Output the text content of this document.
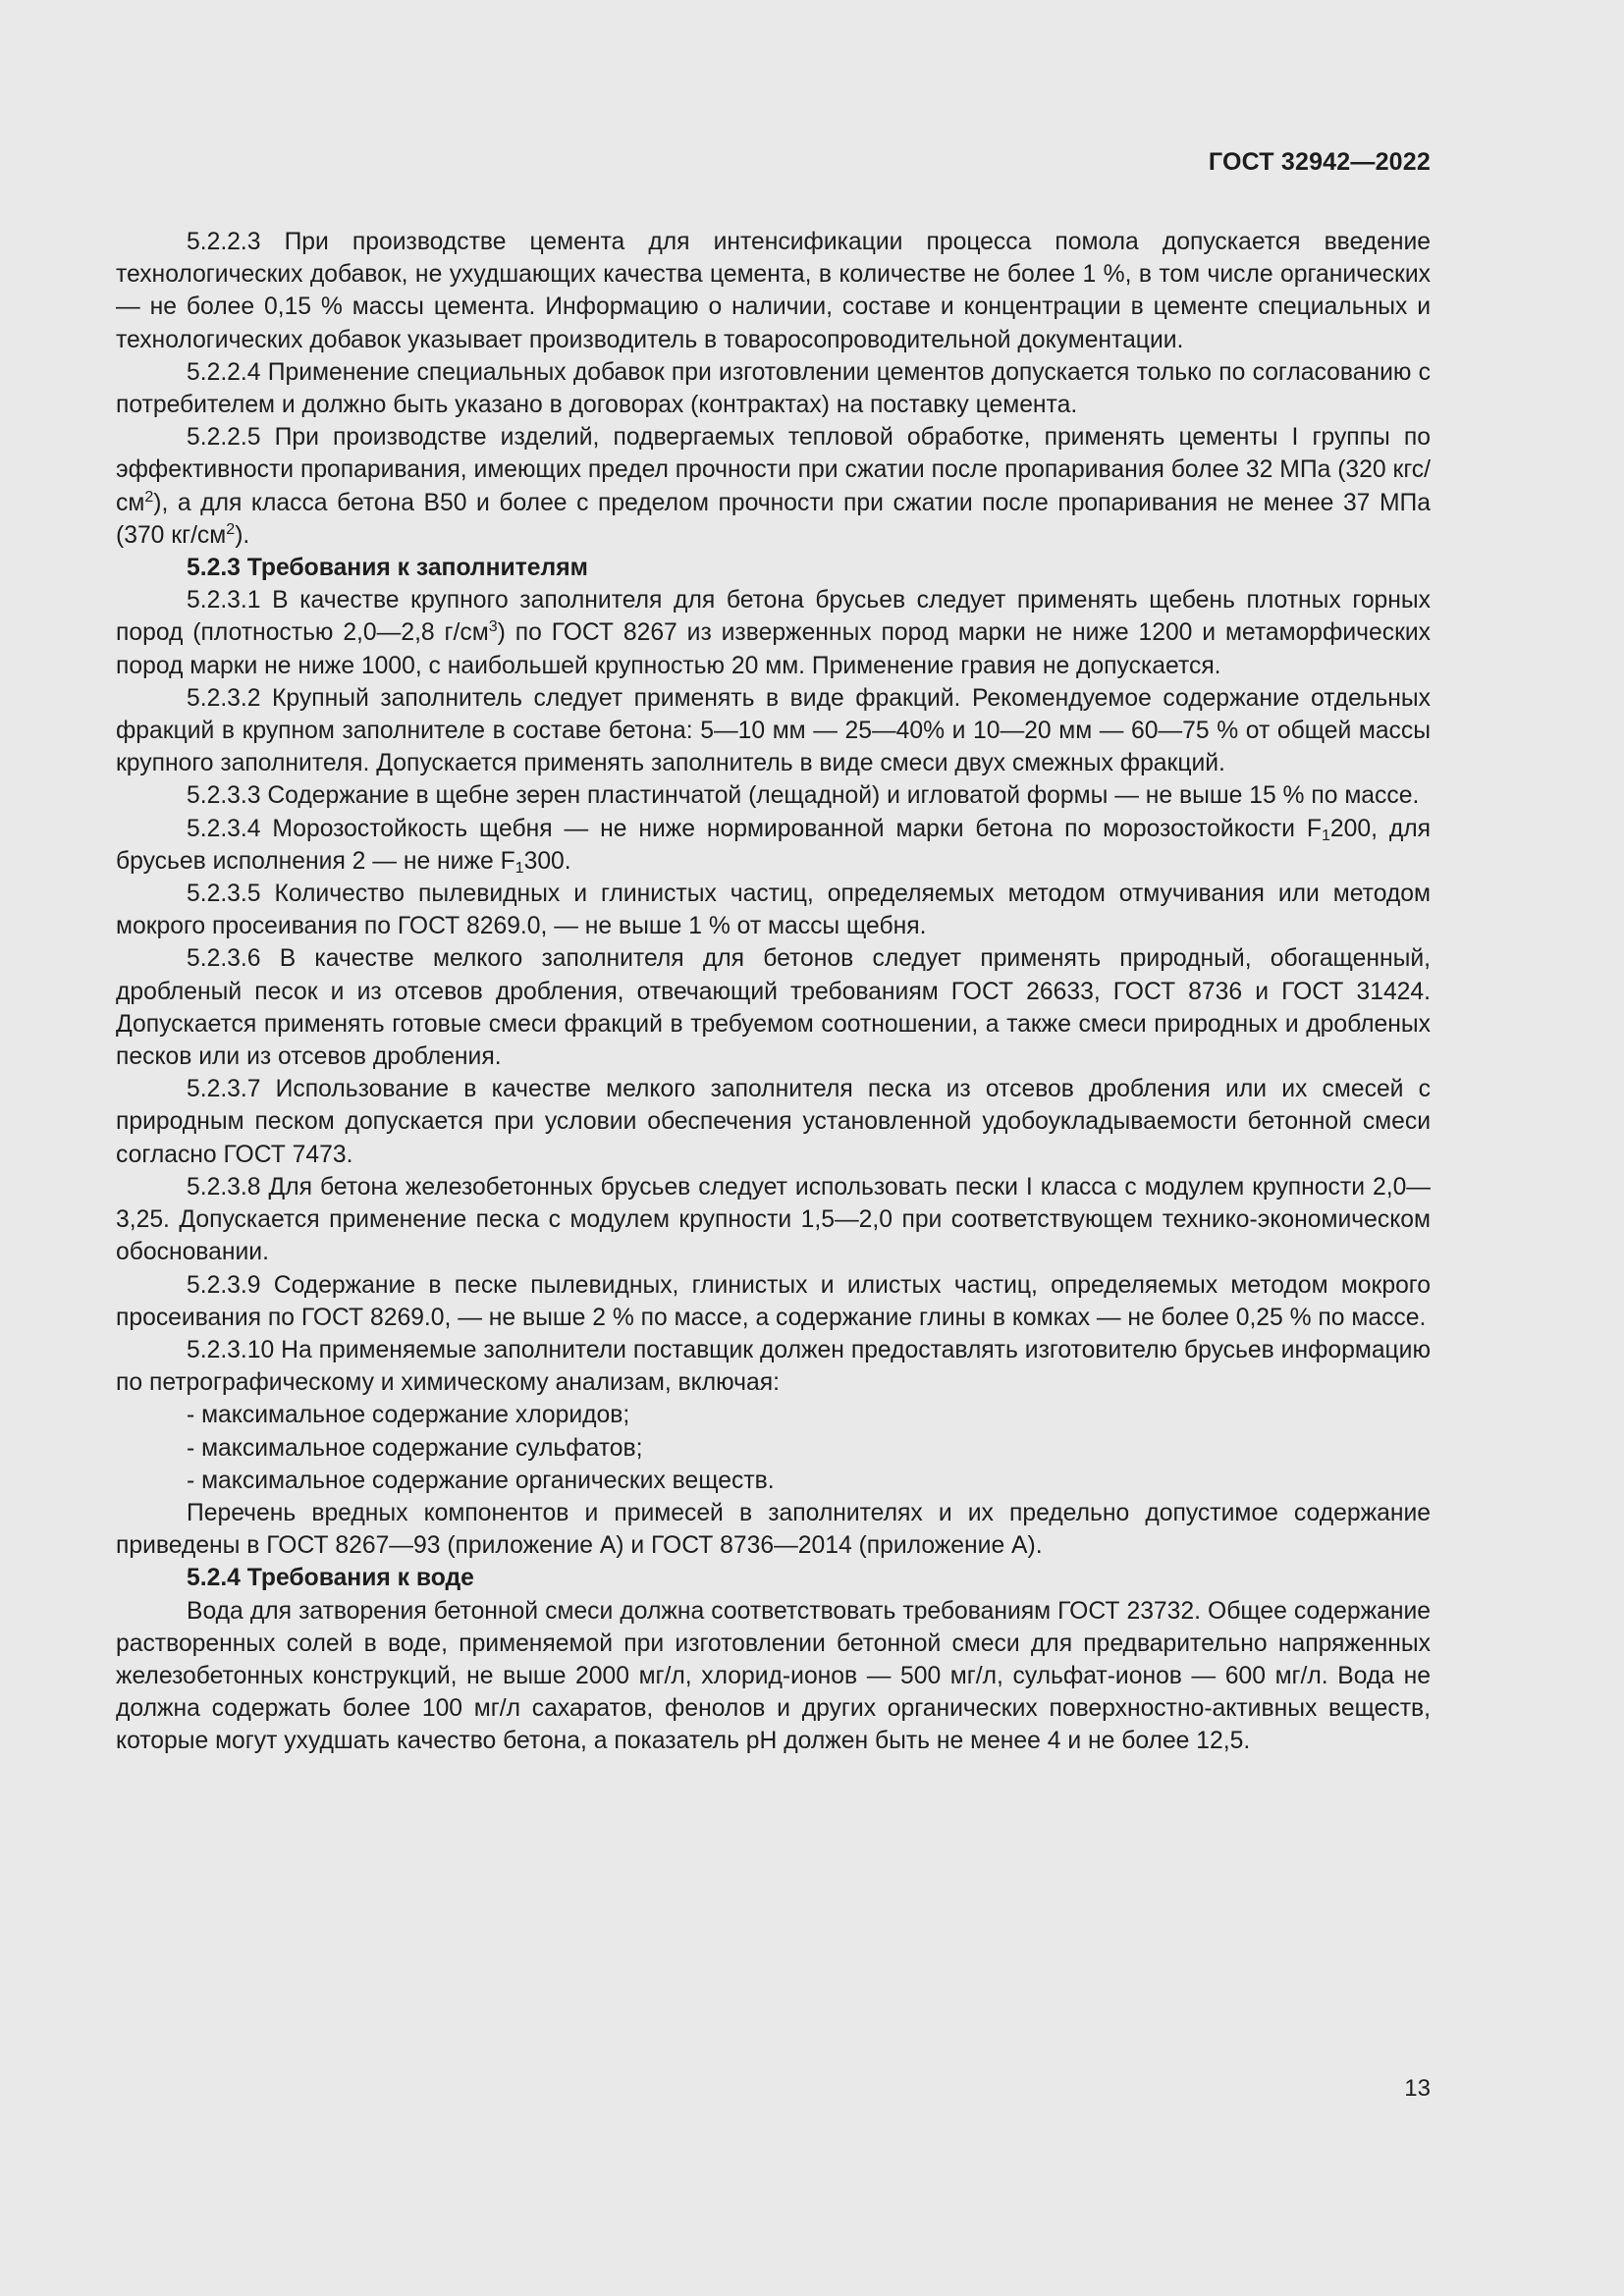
ГОСТ 32942—2022

5.2.2.3 При производстве цемента для интенсификации процесса помола допускается введение технологических добавок, не ухудшающих качества цемента, в количестве не более 1 %, в том числе органических — не более 0,15 % массы цемента. Информацию о наличии, составе и концентрации в цементе специальных и технологических добавок указывает производитель в товаросопроводительной документации.

5.2.2.4 Применение специальных добавок при изготовлении цементов допускается только по согласованию с потребителем и должно быть указано в договорах (контрактах) на поставку цемента.

5.2.2.5 При производстве изделий, подвергаемых тепловой обработке, применять цементы I группы по эффективности пропаривания, имеющих предел прочности при сжатии после пропаривания более 32 МПа (320 кгс/$см^2$), а для класса бетона В50 и более с пределом прочности при сжатии после пропаривания не менее 37 МПа (370 $кг/см^2$).

5.2.3 Требования к заполнителям

5.2.3.1 В качестве крупного заполнителя для бетона брусьев следует применять щебень плотных горных пород (плотностью 2,0—2,8 $г/см^3$) по ГОСТ 8267 из изверженных пород марки не ниже 1200 и метаморфических пород марки не ниже 1000, с наибольшей крупностью 20 мм. Применение гравия не допускается.

5.2.3.2 Крупный заполнитель следует применять в виде фракций. Рекомендуемое содержание отдельных фракций в крупном заполнителе в составе бетона: 5—10 мм — 25—40% и 10—20 мм — 60—75 % от общей массы крупного заполнителя. Допускается применять заполнитель в виде смеси двух смежных фракций.

5.2.3.3 Содержание в щебне зерен пластинчатой (лещадной) и игловатой формы — не выше 15 % по массе.

5.2.3.4 Морозостойкость щебня — не ниже нормированной марки бетона по морозостойкости $F_1200$, для брусьев исполнения 2 — не ниже $F_1300$.

5.2.3.5 Количество пылевидных и глинистых частиц, определяемых методом отмучивания или методом мокрого просеивания по ГОСТ 8269.0, — не выше 1 % от массы щебня.

5.2.3.6 В качестве мелкого заполнителя для бетонов следует применять природный, обогащенный, дробленый песок и из отсевов дробления, отвечающий требованиям ГОСТ 26633, ГОСТ 8736 и ГОСТ 31424. Допускается применять готовые смеси фракций в требуемом соотношении, а также смеси природных и дробленых песков или из отсевов дробления.

5.2.3.7 Использование в качестве мелкого заполнителя песка из отсевов дробления или их смесей с природным песком допускается при условии обеспечения установленной удобоукладываемости бетонной смеси согласно ГОСТ 7473.

5.2.3.8 Для бетона железобетонных брусьев следует использовать пески I класса с модулем крупности 2,0—3,25. Допускается применение песка с модулем крупности 1,5—2,0 при соответствующем технико-экономическом обосновании.

5.2.3.9 Содержание в песке пылевидных, глинистых и илистых частиц, определяемых методом мокрого просеивания по ГОСТ 8269.0, — не выше 2 % по массе, а содержание глины в комках — не более 0,25 % по массе.

5.2.3.10 На применяемые заполнители поставщик должен предоставлять изготовителю брусьев информацию по петрографическому и химическому анализам, включая:

- максимальное содержание хлоридов;

- максимальное содержание сульфатов;

- максимальное содержание органических веществ.

Перечень вредных компонентов и примесей в заполнителях и их предельно допустимое содержание приведены в ГОСТ 8267—93 (приложение А) и ГОСТ 8736—2014 (приложение А).

5.2.4 Требования к воде

Вода для затворения бетонной смеси должна соответствовать требованиям ГОСТ 23732. Общее содержание растворенных солей в воде, применяемой при изготовлении бетонной смеси для предварительно напряженных железобетонных конструкций, не выше 2000 мг/л, хлорид-ионов — 500 мг/л, сульфат-ионов — 600 мг/л. Вода не должна содержать более 100 мг/л сахаратов, фенолов и других органических поверхностно-активных веществ, которые могут ухудшать качество бетона, а показатель рН должен быть не менее 4 и не более 12,5.

13
